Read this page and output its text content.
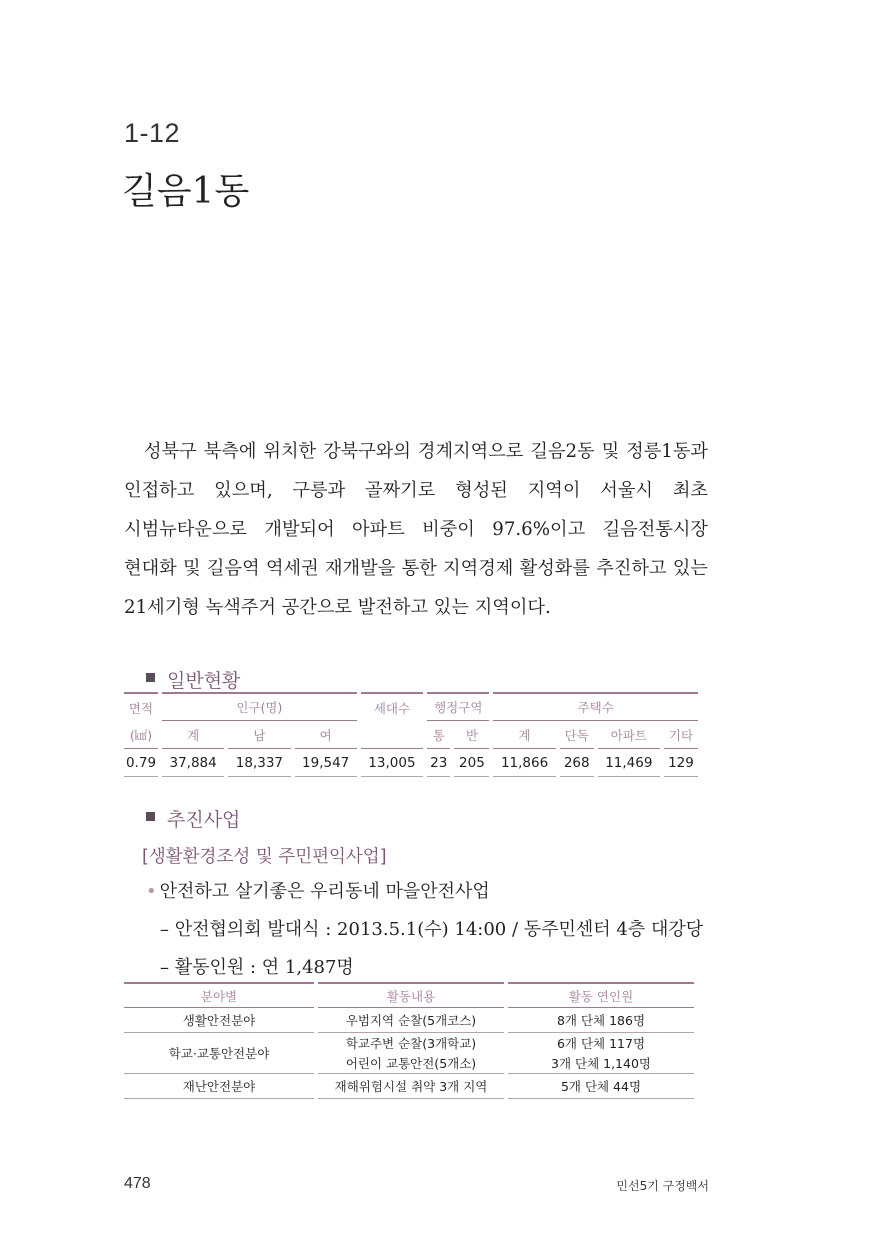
1-12
길음1동

성북구 북측에 위치한 강북구와의 경계지역으로 길음2동 및 정릉1동과 인접하고 있으며, 구릉과 골짜기로 형성된 지역이 서울시 최초 시범뉴타운으로 개발되어 아파트 비중이 97.6%이고 길음전통시장 현대화 및 길음역 역세권 재개발을 통한 지역경제 활성화를 추진하고 있는 21세기형 녹색주거 공간으로 발전하고 있는 지역이다.

일반현황
면적	인구(명)			세대수	행정구역		주택수			
(㎢)	계	남	여		통	반	계	단독	아파트	기타
0.79	37,884	18,337	19,547	13,005	23	205	11,866	268	11,469	129
추진사업
[생활환경조성 및 주민편익사업]
• 안전하고 살기좋은 우리동네 마을안전사업
– 안전협의회 발대식 : 2013.5.1(수) 14:00 / 동주민센터 4층 대강당
– 활동인원 : 연 1,487명
분야별	활동내용	활동 연인원
생활안전분야	우범지역 순찰(5개코스)	8개 단체 186명
학교·교통안전분야	학교주변 순찰(3개학교)	6개 단체 117명
	어린이 교통안전(5개소)	3개 단체 1,140명
재난안전분야	재해위험시설 취약 3개 지역	5개 단체 44명
478	민선5기 구정백서
